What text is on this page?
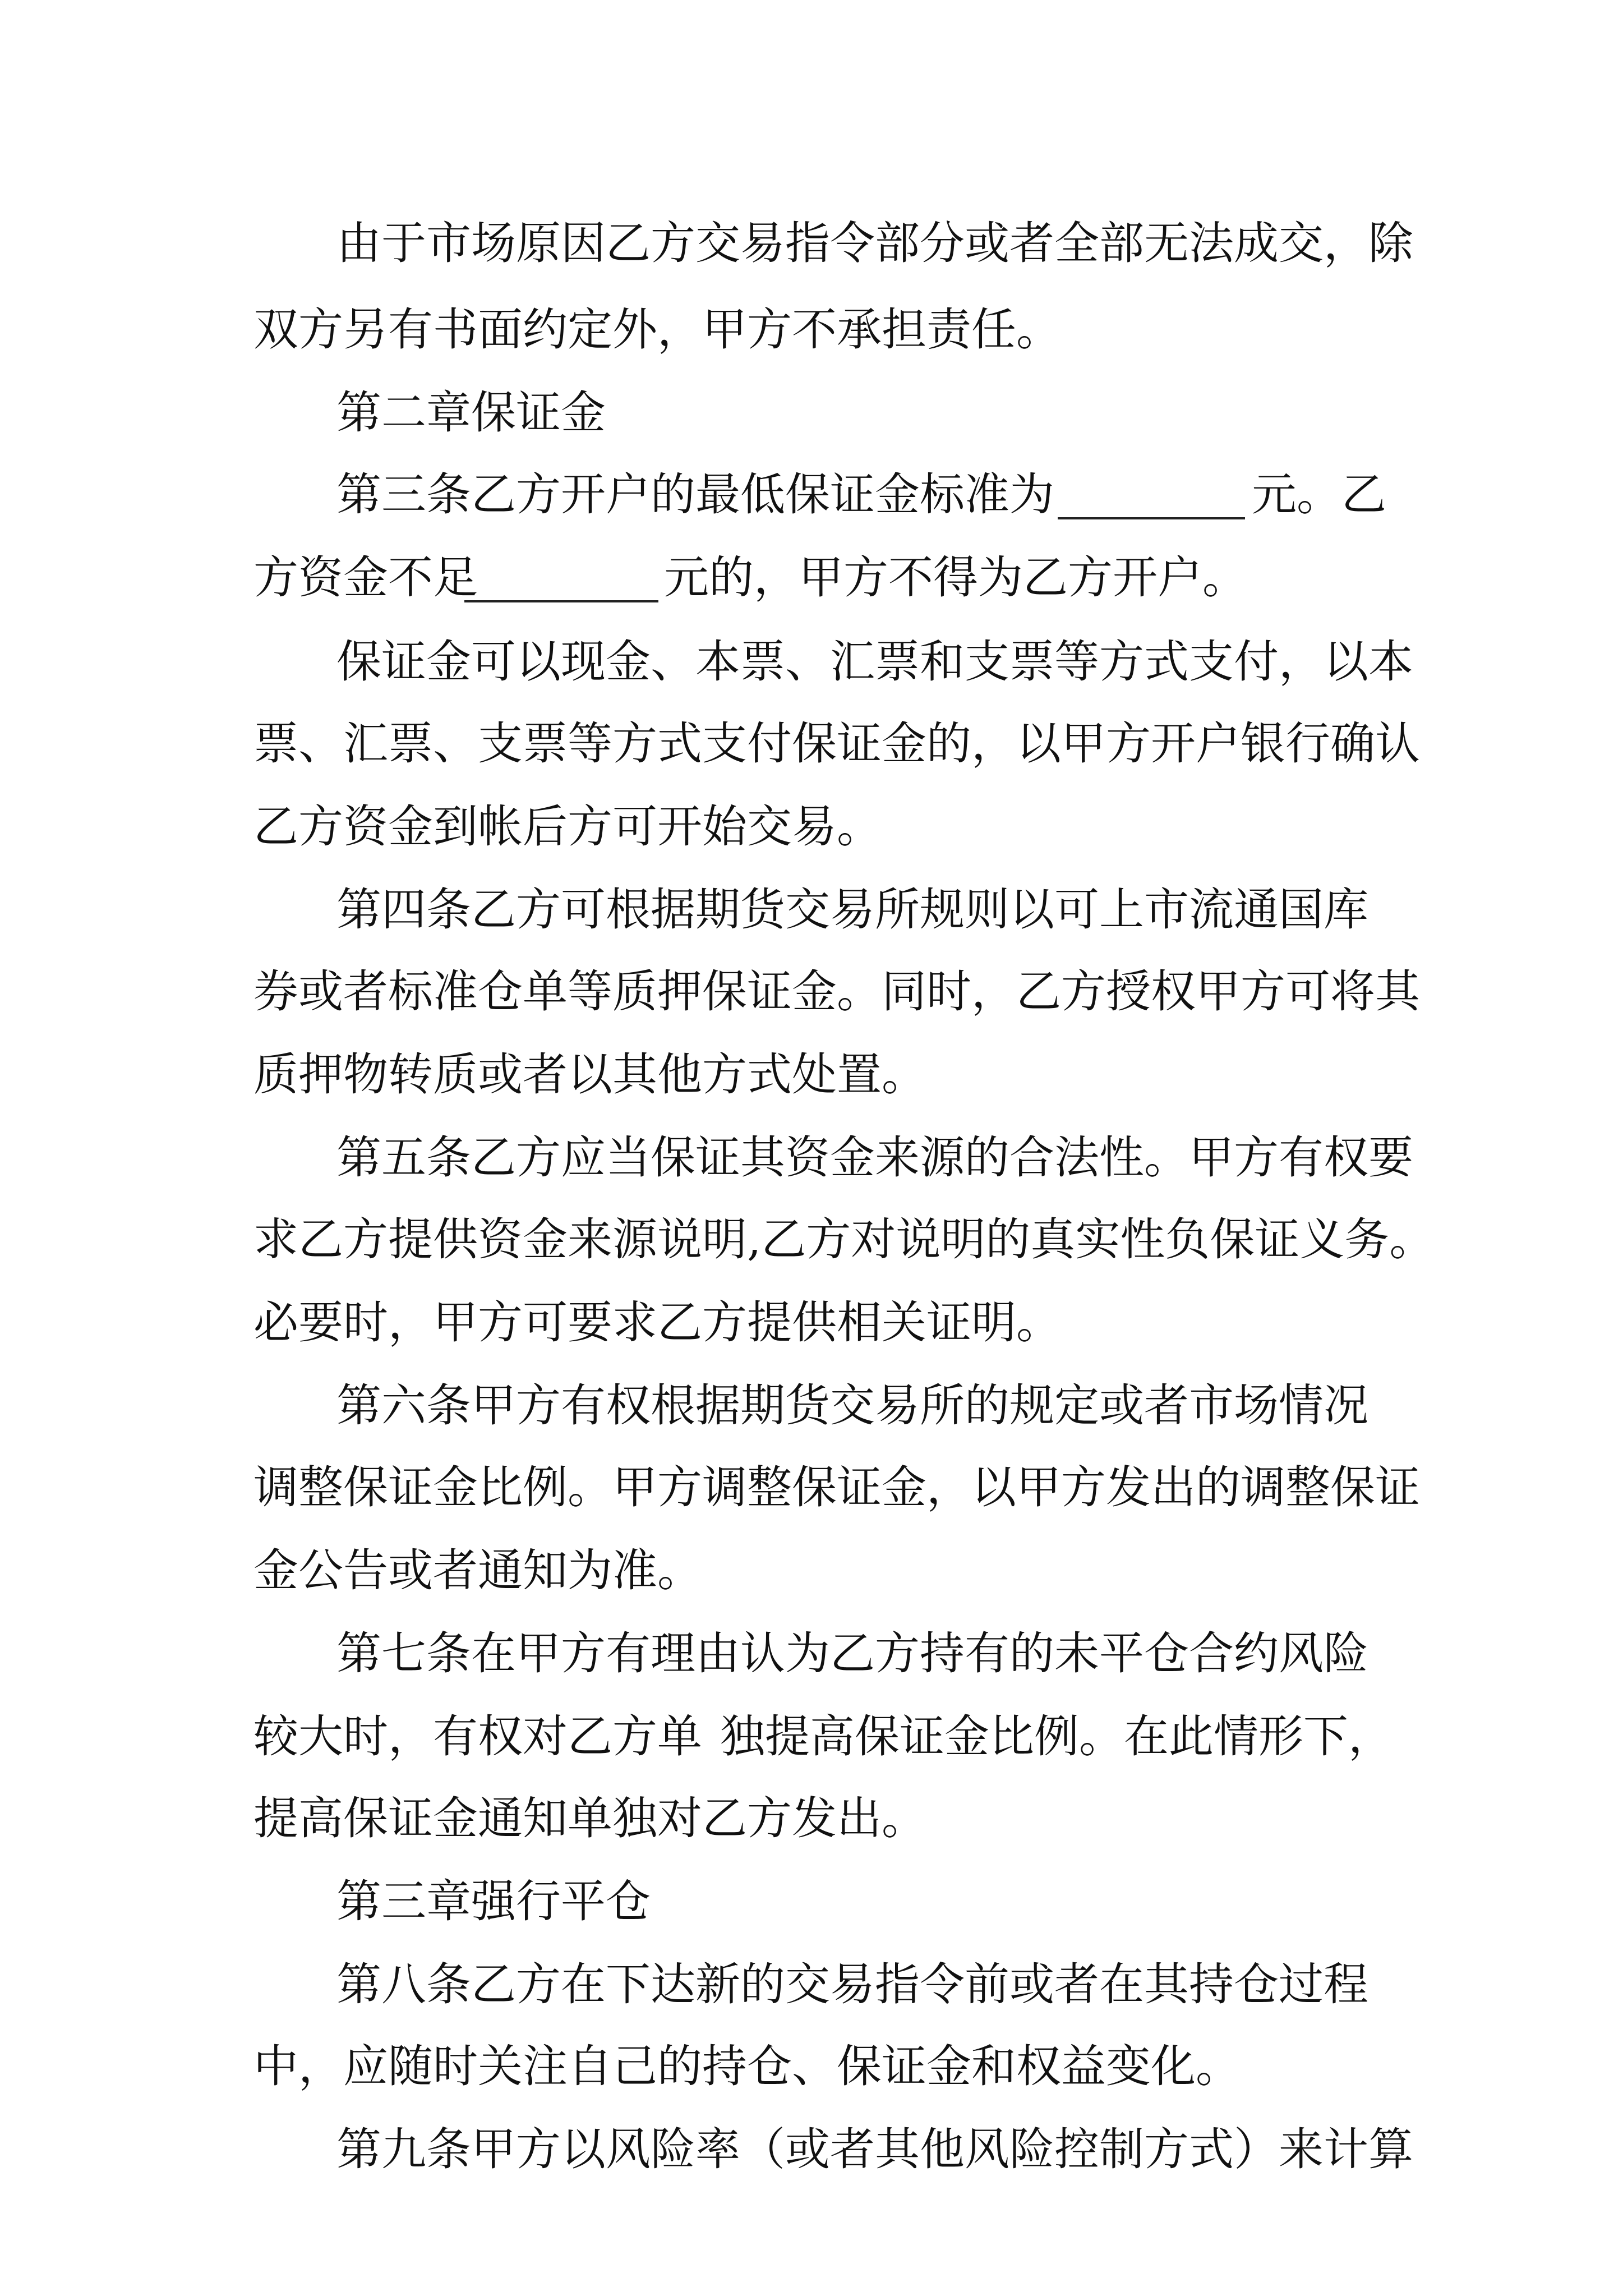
由于市场原因乙方交易指令部分或者全部无法成交，除
双方另有书面约定外，甲方不承担责任。
第二章保证金
第三条乙方开户的最低保证金标准为	元。乙
方资金不足	元的，甲方不得为乙方开户。
保证金可以现金、本票、汇票和支票等方式支付，以本
票、汇票、支票等方式支付保证金的，以甲方开户银行确认
乙方资金到帐后方可开始交易。
第四条乙方可根据期货交易所规则以可上市流通国库
券或者标准仓单等质押保证金。同时，乙方授权甲方可将其
质押物转质或者以其他方式处置。
第五条乙方应当保证其资金来源的合法性。甲方有权要
求乙方提供资金来源说明,乙方对说明的真实性负保证义务。
必要时，甲方可要求乙方提供相关证明。
第六条甲方有权根据期货交易所的规定或者市场情况
调整保证金比例。甲方调整保证金，以甲方发出的调整保证
金公告或者通知为准。
第七条在甲方有理由认为乙方持有的未平仓合约风险
较大时，有权对乙方单 独提高保证金比例。在此情形下，
提高保证金通知单独对乙方发出。
第三章强行平仓
第八条乙方在下达新的交易指令前或者在其持仓过程
中，应随时关注自己的持仓、保证金和权益变化。
第九条甲方以风险率（或者其他风险控制方式）来计算
